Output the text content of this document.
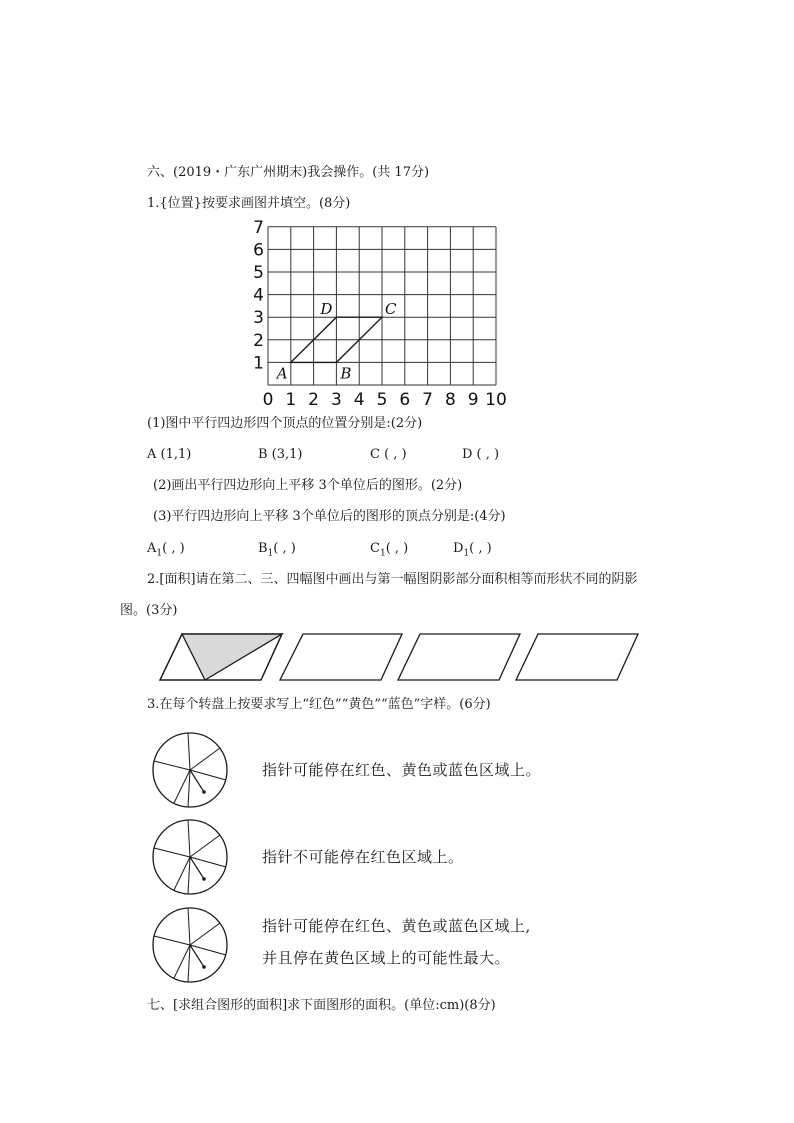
六、(2019・广东广州期末)我会操作。(共 17分)
1.{位置}按要求画图并填空。(8分)
0 1 2 3 4 5 6 7 8 9 10
1
2
3
4
5
6
7
A	B
C
D
(1)图中平行四边形四个顶点的位置分别是:(2分)
A (1,1)	B (3,1)	C ( , )	D ( , )
(2)画出平行四边形向上平移 3个单位后的图形。(2分)
(3)平行四边形向上平移 3个单位后的图形的顶点分别是:(4分)
$A_1$( , )	$B_1$( , )	$C_1$( , )	$D_1$( , )
2.[面积]请在第二、三、四幅图中画出与第一幅图阴影部分面积相等而形状不同的阴影
图。(3分)
3.在每个转盘上按要求写上“红色”“黄色”“蓝色”字样。(6分)
指针可能停在红色、黄色或蓝色区域上。
指针不可能停在红色区域上。
指针可能停在红色、黄色或蓝色区域上,
并且停在黄色区域上的可能性最大。
七、[求组合图形的面积]求下面图形的面积。(单位:cm)(8分)
